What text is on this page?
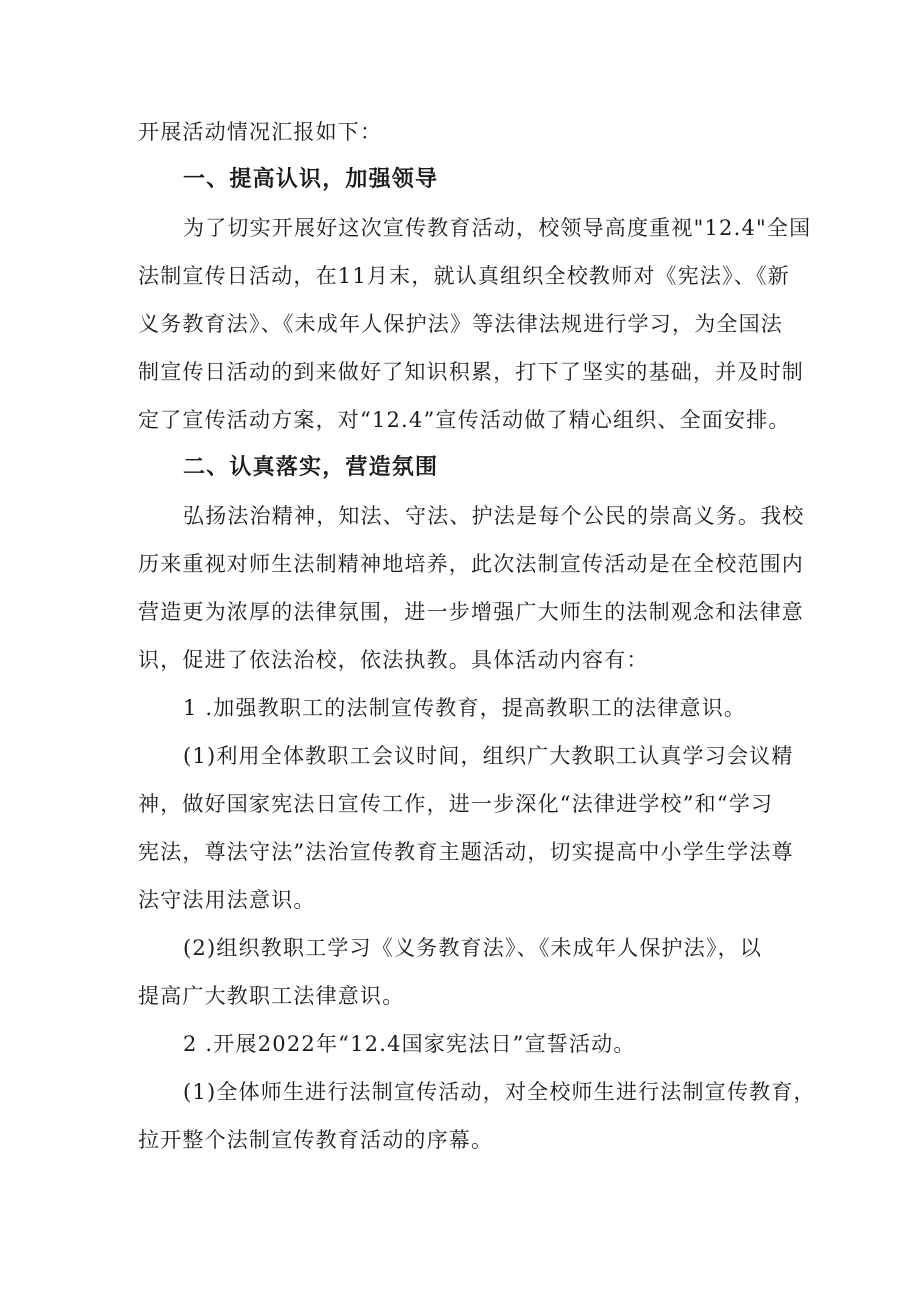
开展活动情况汇报如下：
一、提高认识，加强领导
为了切实开展好这次宣传教育活动，校领导高度重视"12.4"全国
法制宣传日活动，在11月末，就认真组织全校教师对《宪法》、《新
义务教育法》、《未成年人保护法》等法律法规进行学习，为全国法
制宣传日活动的到来做好了知识积累，打下了坚实的基础，并及时制
定了宣传活动方案，对“12.4”宣传活动做了精心组织、全面安排。
二、认真落实，营造氛围
弘扬法治精神，知法、守法、护法是每个公民的崇高义务。我校
历来重视对师生法制精神地培养，此次法制宣传活动是在全校范围内
营造更为浓厚的法律氛围，进一步增强广大师生的法制观念和法律意
识，促进了依法治校，依法执教。具体活动内容有：
1 .加强教职工的法制宣传教育，提高教职工的法律意识。
(1)利用全体教职工会议时间，组织广大教职工认真学习会议精
神，做好国家宪法日宣传工作，进一步深化“法律进学校”和“学习
宪法，尊法守法”法治宣传教育主题活动，切实提高中小学生学法尊
法守法用法意识。
(2)组织教职工学习《义务教育法》、《未成年人保护法》，以
提高广大教职工法律意识。
2 .开展2022年“12.4国家宪法日”宣誓活动。
(1)全体师生进行法制宣传活动，对全校师生进行法制宣传教育，
拉开整个法制宣传教育活动的序幕。
